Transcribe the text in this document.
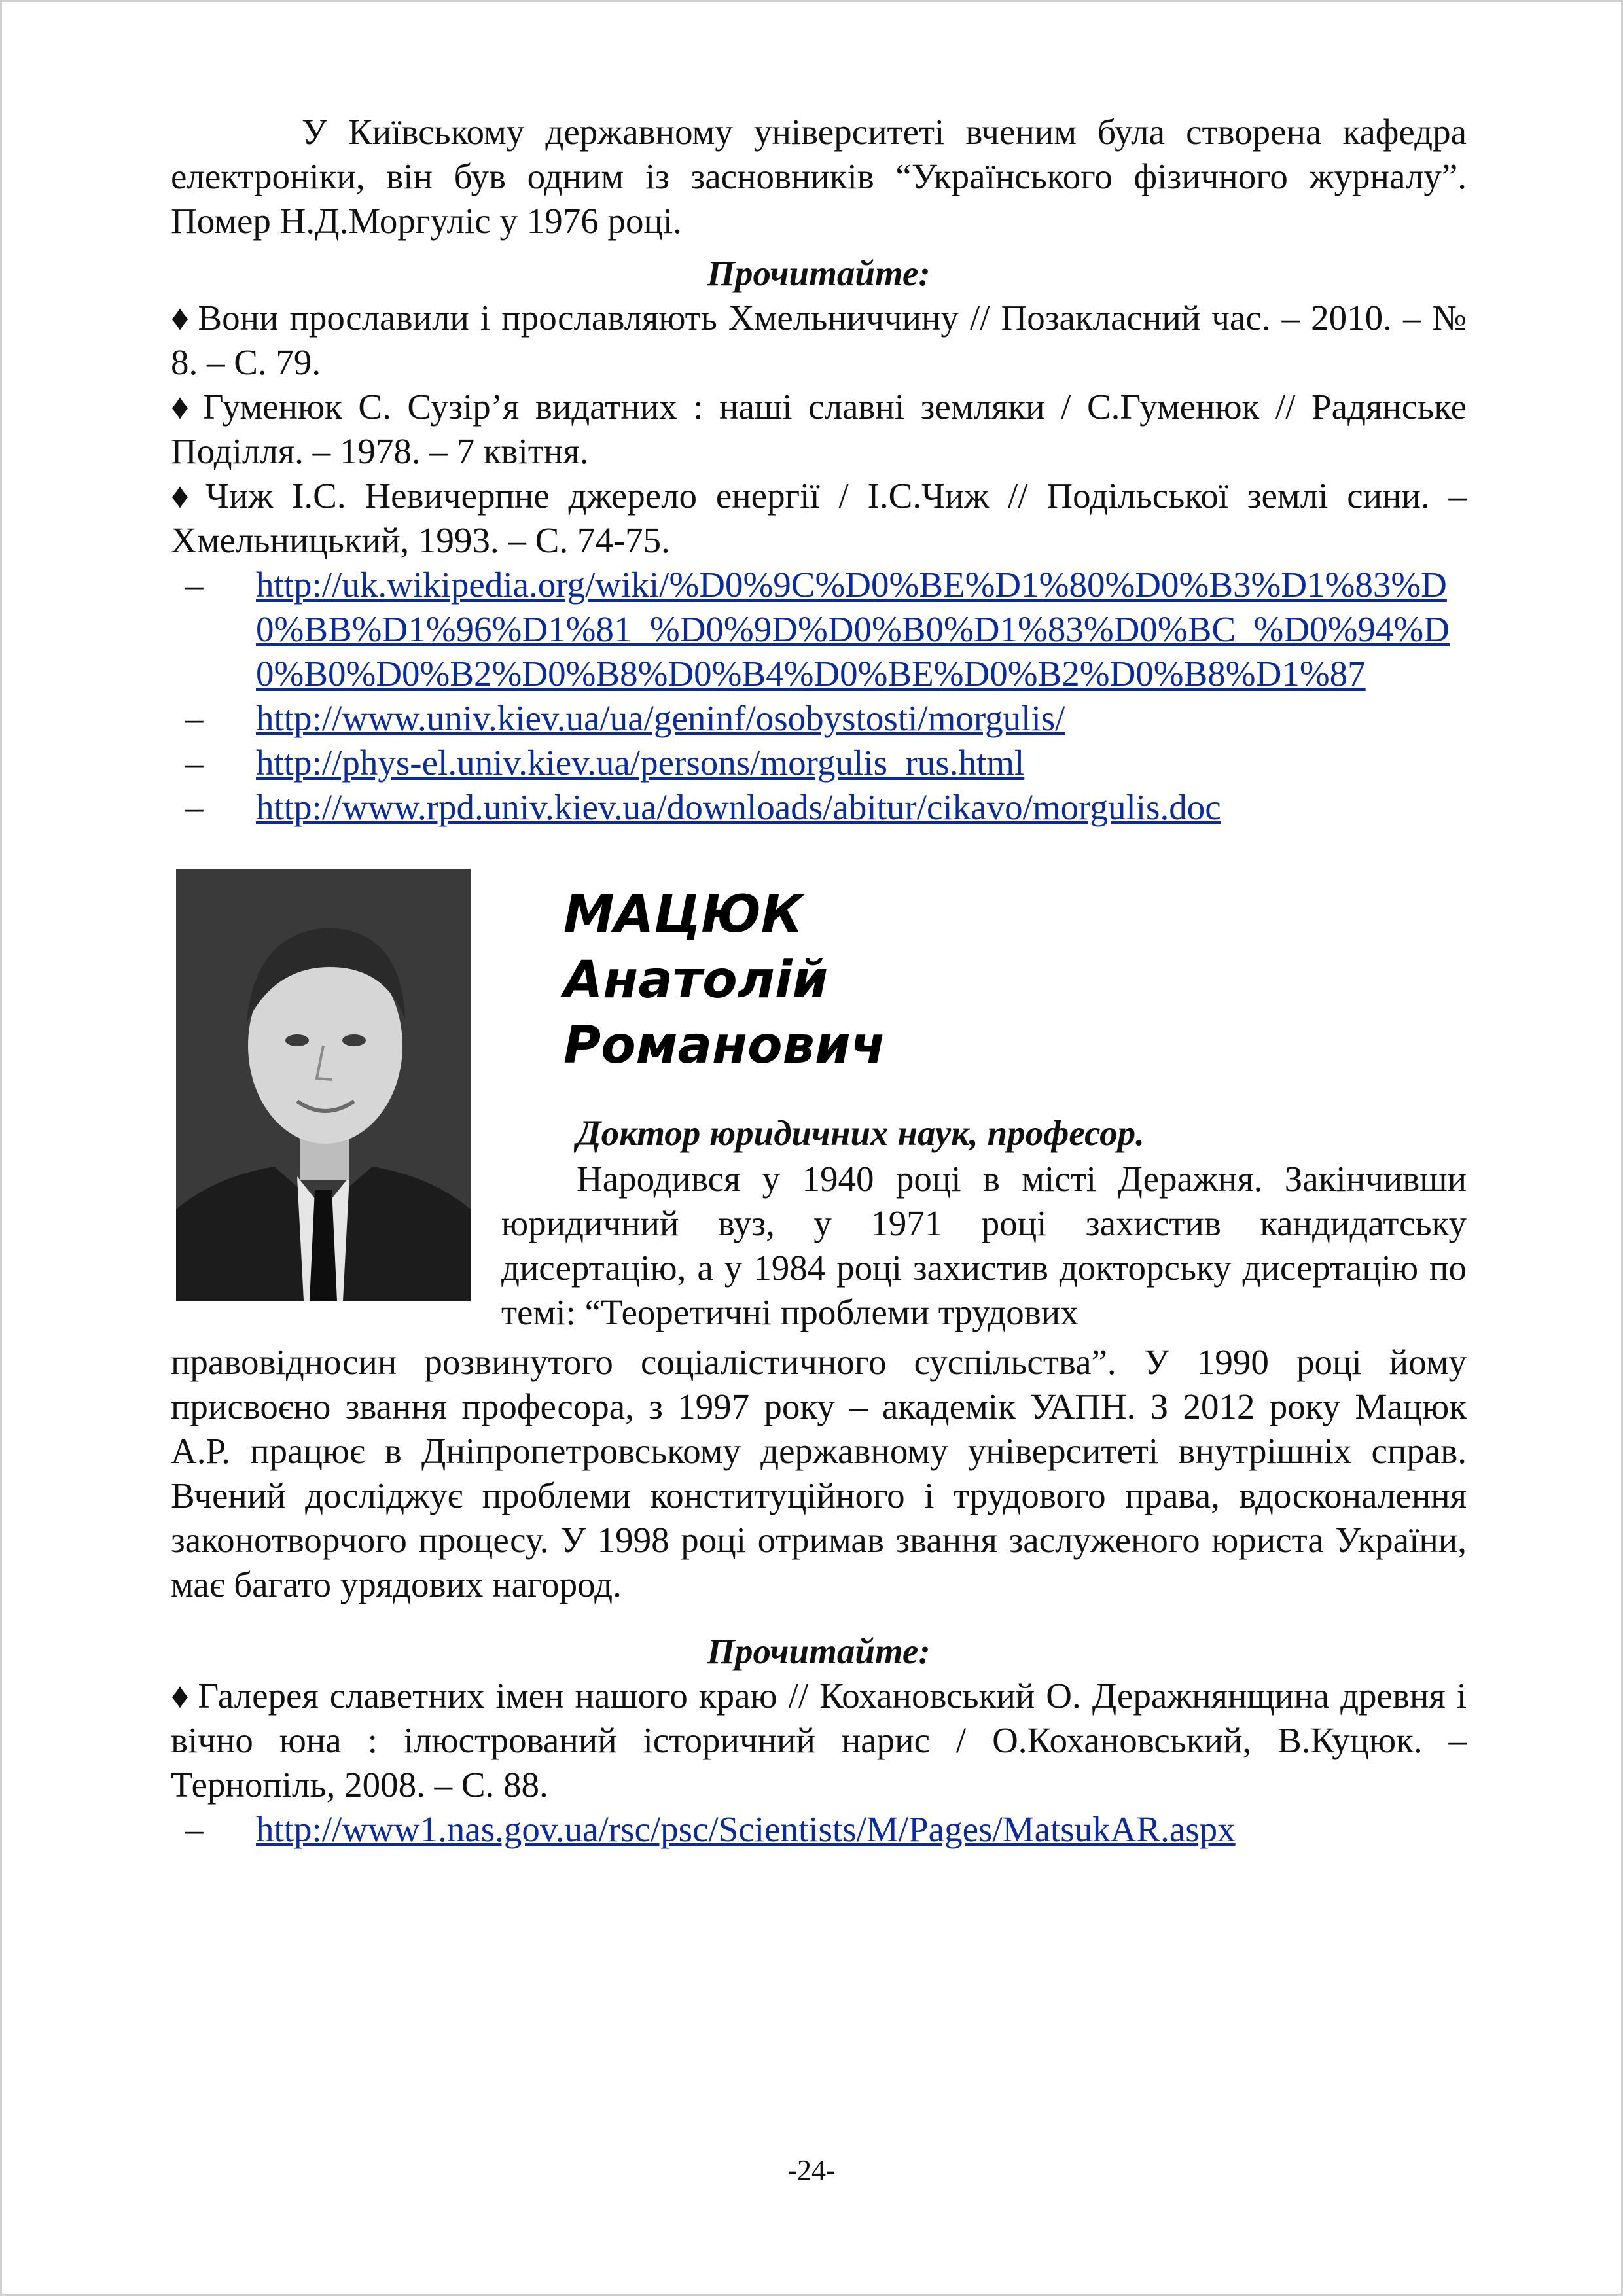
У Київському державному університеті вченим була створена кафедра електроніки, він був одним із засновників “Українського фізичного журналу”. Помер Н.Д.Моргуліс у 1976 році.

Прочитайте:

♦ Вони прославили і прославляють Хмельниччину // Позакласний час. – 2010. – № 8. – С. 79.

♦ Гуменюк С. Сузір’я видатних : наші славні земляки / С.Гуменюк // Радянське Поділля. – 1978. – 7 квітня.

♦ Чиж І.С. Невичерпне джерело енергії / І.С.Чиж // Подільської землі сини. – Хмельницький, 1993. – С. 74-75.

– http://uk.wikipedia.org/wiki/%D0%9C%D0%BE%D1%80%D0%B3%D1%83%D0%BB%D1%96%D1%81_%D0%9D%D0%B0%D1%83%D0%BC_%D0%94%D0%B0%D0%B2%D0%B8%D0%B4%D0%BE%D0%B2%D0%B8%D1%87
– http://www.univ.kiev.ua/ua/geninf/osobystosti/morgulis/
– http://phys-el.univ.kiev.ua/persons/morgulis_rus.html
– http://www.rpd.univ.kiev.ua/downloads/abitur/cikavo/morgulis.doc
МАЦЮК
Анатолій
Романович
Доктор юридичних наук, професор.
Народився у 1940 році в місті Деражня. Закінчивши юридичний вуз, у 1971 році захистив кандидатську дисертацію, а у 1984 році захистив докторську дисертацію по темі: “Теоретичні проблеми трудових

правовідносин розвинутого соціалістичного суспільства”. У 1990 році йому присвоєно звання професора, з 1997 року – академік УАПН. З 2012 року Мацюк А.Р. працює в Дніпропетровському державному університеті внутрішніх справ. Вчений досліджує проблеми конституційного і трудового права, вдосконалення законотворчого процесу. У 1998 році отримав звання заслуженого юриста України, має багато урядових нагород.

Прочитайте:

♦ Галерея славетних імен нашого краю // Кохановський О. Деражнянщина древня і вічно юна : ілюстрований історичний нарис / О.Кохановський, В.Куцюк. – Тернопіль, 2008. – С. 88.

– http://www1.nas.gov.ua/rsc/psc/Scientists/M/Pages/MatsukAR.aspx
-24-
